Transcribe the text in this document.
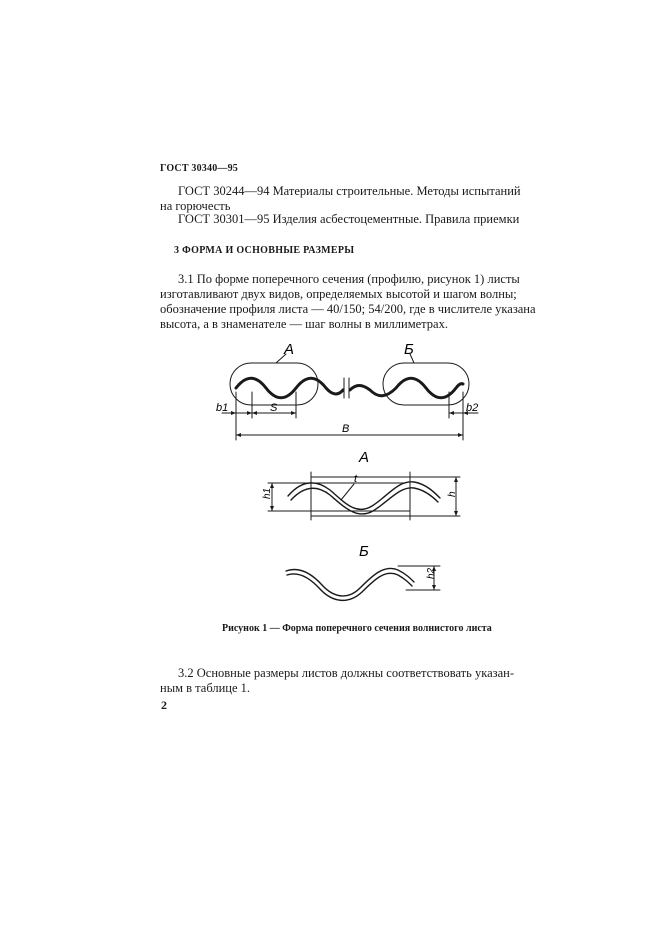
ГОСТ 30340—95
ГОСТ 30244—94 Материалы строительные. Методы испытаний
на горючесть
ГОСТ 30301—95 Изделия асбестоцементные. Правила приемки
3 ФОРМА И ОСНОВНЫЕ РАЗМЕРЫ
3.1 По форме поперечного сечения (профилю, рисунок 1) листы
изготавливают двух видов, определяемых высотой и шагом волны;
обозначение профиля листа — 40/150; 54/200, где в числителе указана
высота, а в знаменателе — шаг волны в миллиметрах.
А	Б
b1	S	b2
B
А
h1
t
h
Б
h2
Рисунок 1 — Форма поперечного сечения волнистого листа
3.2 Основные размеры листов должны соответствовать указан-
ным в таблице 1.
2
